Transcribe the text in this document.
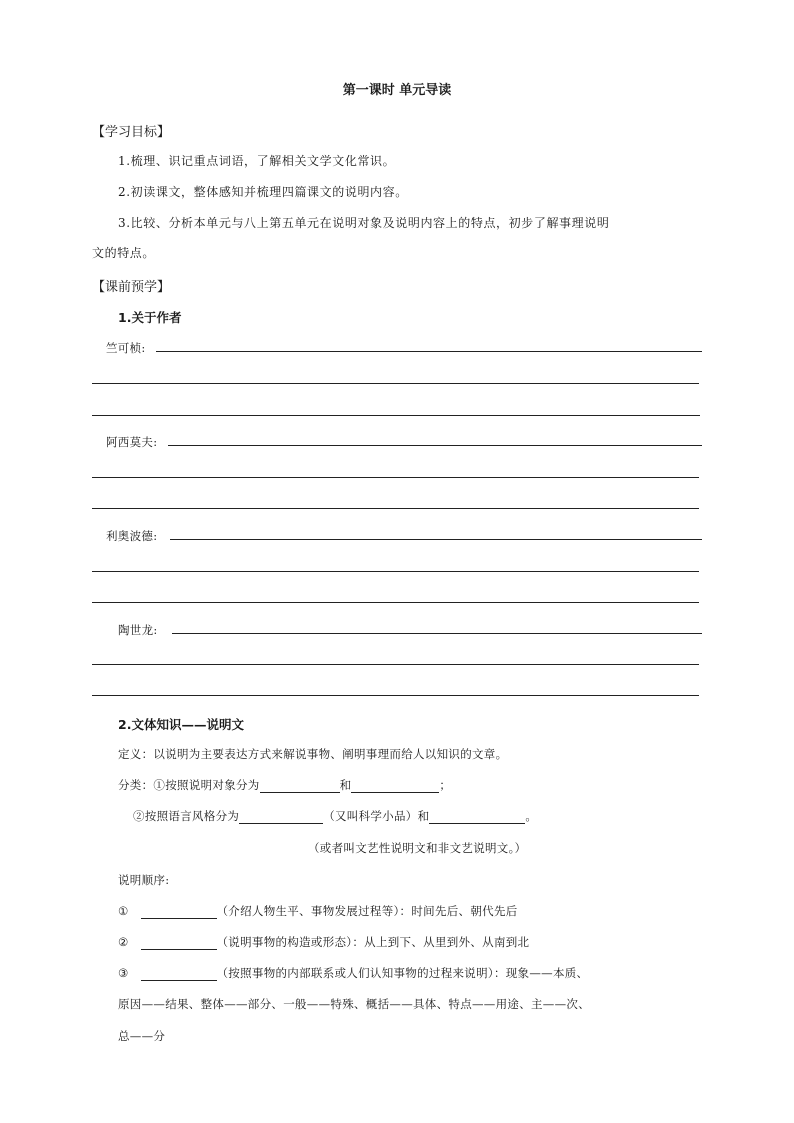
第一课时 单元导读
【学习目标】
1.梳理、识记重点词语，了解相关文学文化常识。
2.初读课文，整体感知并梳理四篇课文的说明内容。
3.比较、分析本单元与八上第五单元在说明对象及说明内容上的特点，初步了解事理说明
文的特点。
【课前预学】
1.关于作者
竺可桢:
阿西莫夫:
利奥波德:
陶世龙:
2.文体知识——说明文
定义：以说明为主要表达方式来解说事物、阐明事理而给人以知识的文章。
分类：①按照说明对象分为	和	；
②按照语言风格分为	（又叫科学小品）和	。
（或者叫文艺性说明文和非文艺说明文。）
说明顺序:
①	（介绍人物生平、事物发展过程等）：时间先后、朝代先后
②	（说明事物的构造或形态）：从上到下、从里到外、从南到北
③	（按照事物的内部联系或人们认知事物的过程来说明）：现象——本质、
原因——结果、整体——部分、一般——特殊、概括——具体、特点——用途、主——次、
总——分
